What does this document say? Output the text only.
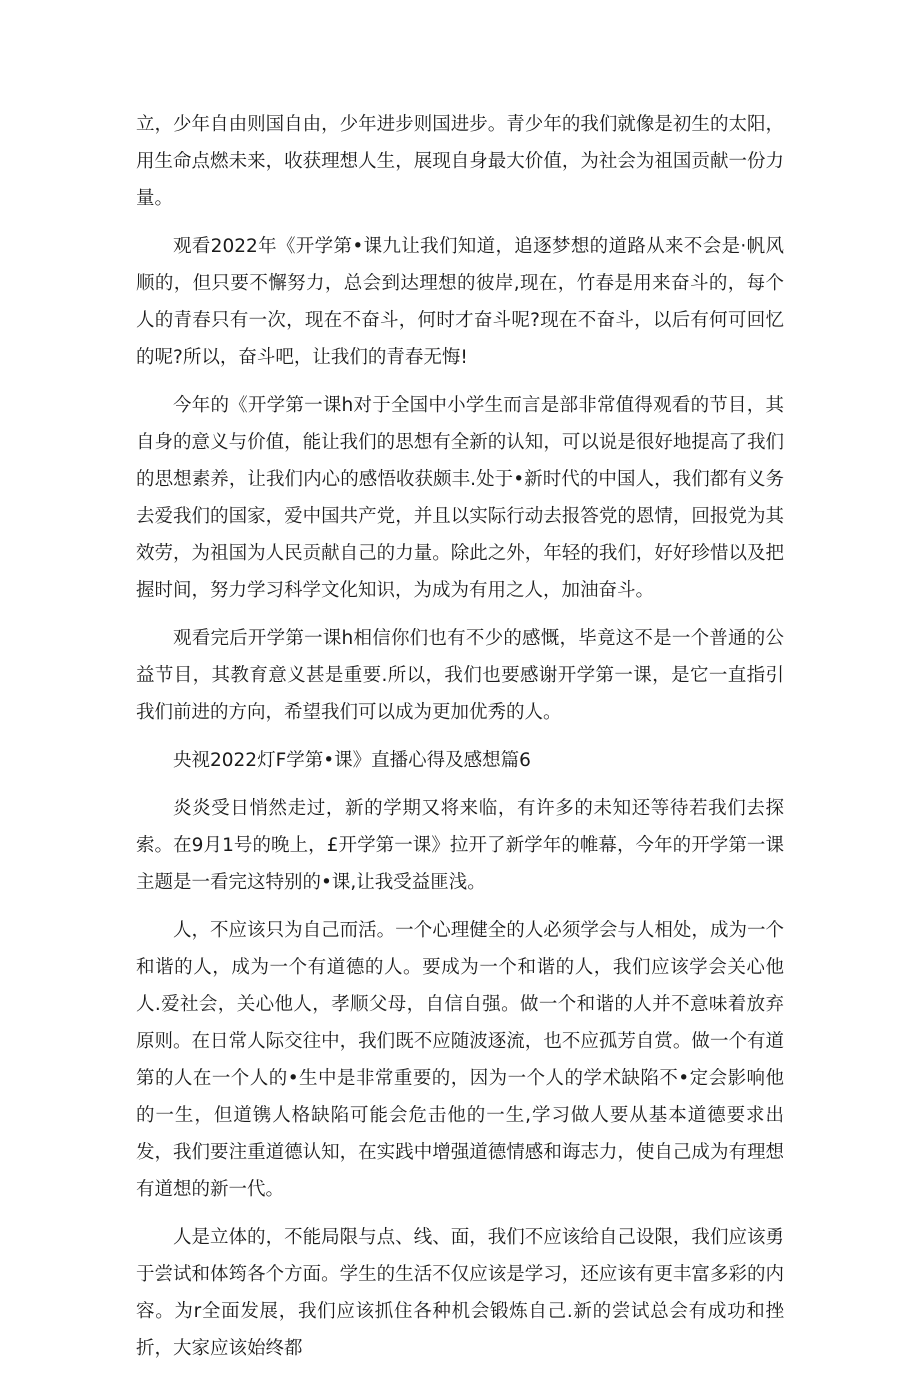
立，少年自由则国自由，少年进步则国进步。青少年的我们就像是初生的太阳，用生命点燃未来，收获理想人生，展现自身最大价值，为社会为祖国贡献一份力量。

观看2022年《开学第•课九让我们知道，追逐梦想的道路从来不会是·帆风顺的，但只要不懈努力，总会到达理想的彼岸,现在，竹春是用来奋斗的，每个人的青春只有一次，现在不奋斗，何时才奋斗呢?现在不奋斗，以后有何可回忆的呢?所以，奋斗吧，让我们的青春无悔!

今年的《开学第一课h对于全国中小学生而言是部非常值得观看的节目，其自身的意义与价值，能让我们的思想有全新的认知，可以说是很好地提高了我们的思想素养，让我们内心的感悟收获颇丰.处于•新时代的中国人，我们都有义务去爱我们的国家，爱中国共产党，并且以实际行动去报答党的恩情，回报党为其效劳，为祖国为人民贡献自己的力量。除此之外，年轻的我们，好好珍惜以及把握时间，努力学习科学文化知识，为成为有用之人，加油奋斗。

观看完后开学第一课h相信你们也有不少的感慨，毕竟这不是一个普通的公益节目，其教育意义甚是重要.所以，我们也要感谢开学第一课，是它一直指引我们前进的方向，希望我们可以成为更加优秀的人。

央视2022灯F学第•课》直播心得及感想篇6

炎炎受日悄然走过，新的学期又将来临，有许多的未知还等待若我们去探索。在9月1号的晚上，£开学第一课》拉开了新学年的帷幕，今年的开学第一课主题是一看完这特别的•课,让我受益匪浅。

人，不应该只为自己而活。一个心理健全的人必须学会与人相处，成为一个和谐的人，成为一个有道德的人。要成为一个和谐的人，我们应该学会关心他人.爱社会，关心他人，孝顺父母，自信自强。做一个和谐的人并不意味着放弃原则。在日常人际交往中，我们既不应随波逐流，也不应孤芳自赏。做一个有道第的人在一个人的•生中是非常重要的，因为一个人的学术缺陷不•定会影响他的一生，但道镌人格缺陷可能会危击他的一生,学习做人要从基本道德要求出发，我们要注重道德认知，在实践中增强道德情感和诲志力，使自己成为有理想有道想的新一代。

人是立体的，不能局限与点、线、面，我们不应该给自己设限，我们应该勇于尝试和体筠各个方面。学生的生活不仅应该是学习，还应该有更丰富多彩的内容。为r全面发展，我们应该抓住各种机会锻炼自己.新的尝试总会有成功和挫折，大家应该始终都
